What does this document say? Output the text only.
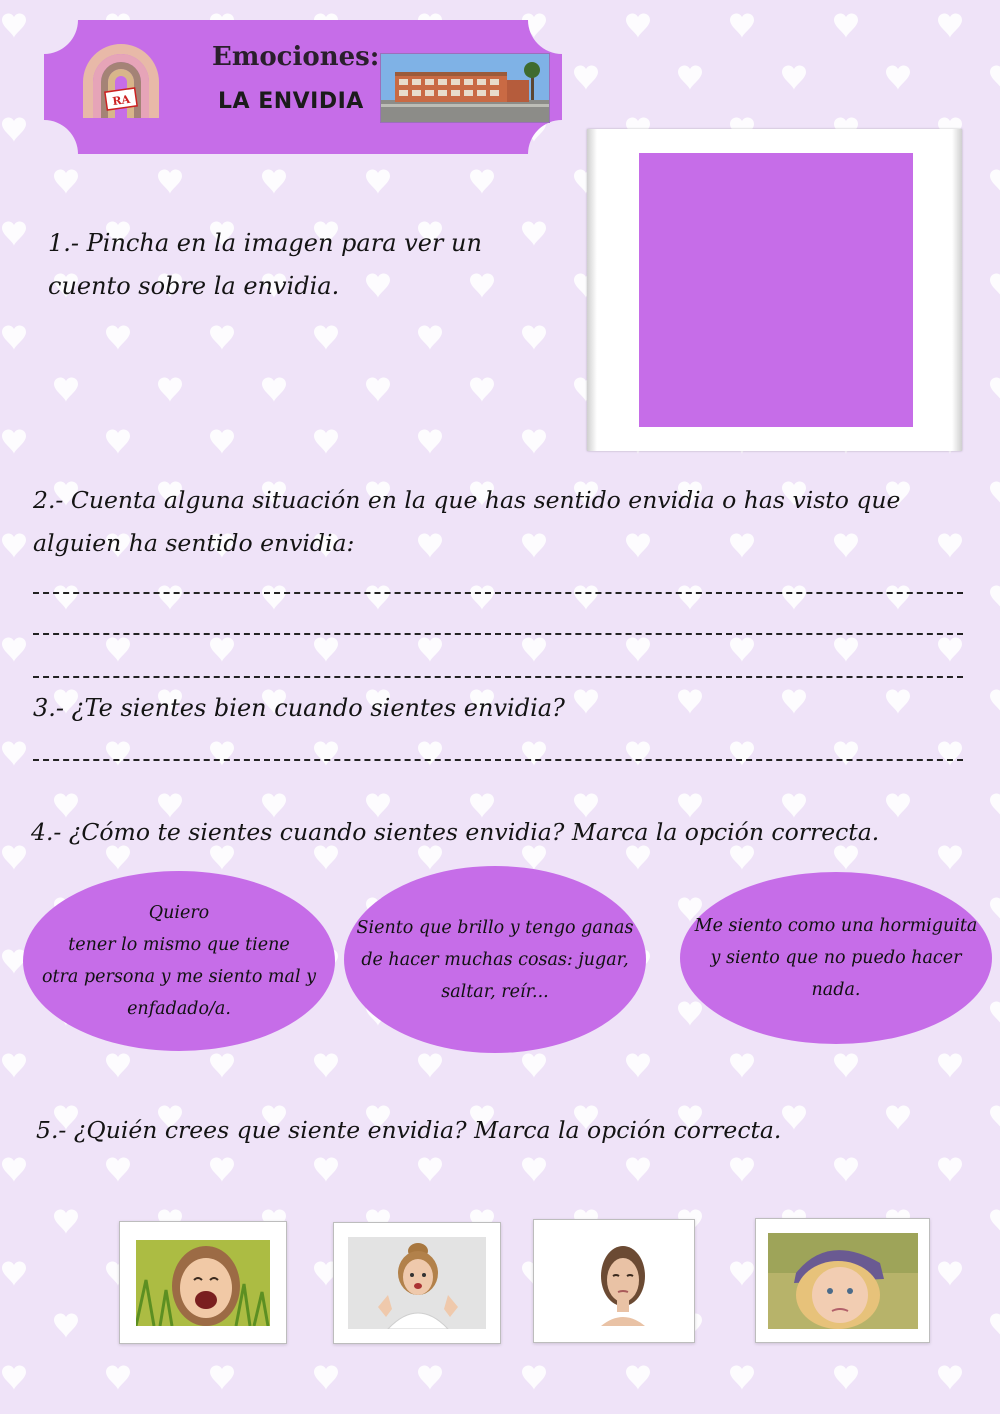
RA
Emociones:
LA ENVIDIA

1.- Pincha en la imagen para ver un cuento sobre la envidia.

2.- Cuenta alguna situación en la que has sentido envidia o has visto que alguien ha sentido envidia:

3.- ¿Te sientes bien cuando sientes envidia?

4.- ¿Cómo te sientes cuando sientes envidia? Marca la opción correcta.

Quiero
tener lo mismo que tiene
otra persona y me siento mal y
enfadado/a.
Siento que brillo y tengo ganas
de hacer muchas cosas: jugar,
saltar, reír...
Me siento como una hormiguita
y siento que no puedo hacer
nada.

5.- ¿Quién crees que siente envidia? Marca la opción correcta.
